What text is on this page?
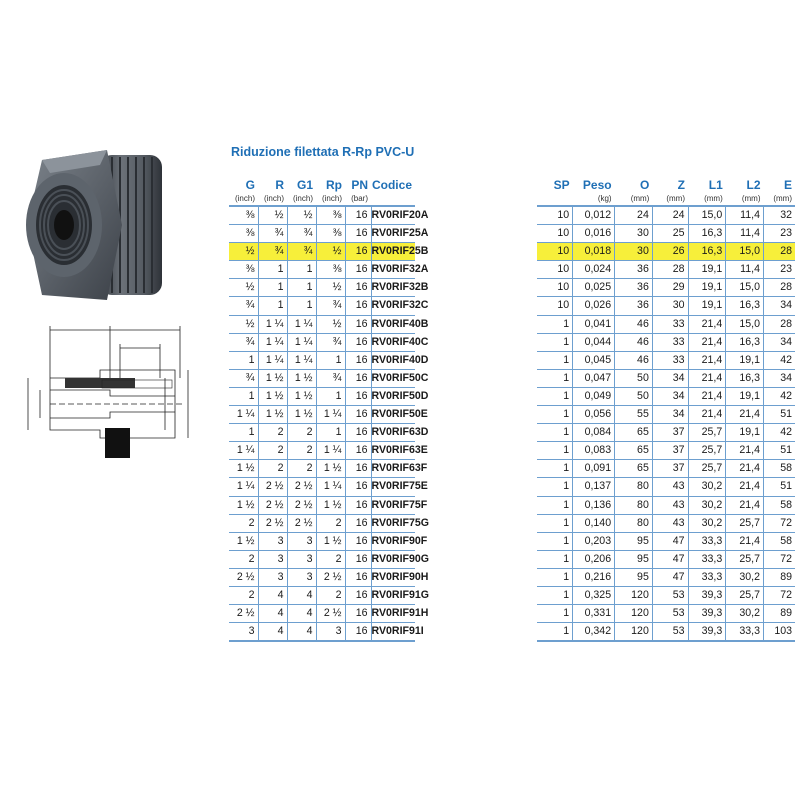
Riduzione filettata R-Rp PVC-U
G	R	G1	Rp	PN	Codice
(inch)	(inch)	(inch)	(inch)	(bar)	
⅜	½	½	⅜	16	RV0RIF20A
⅜	¾	¾	⅜	16	RV0RIF25A
½	¾	¾	½	16	RV0RIF25B
⅜	1	1	⅜	16	RV0RIF32A
½	1	1	½	16	RV0RIF32B
¾	1	1	¾	16	RV0RIF32C
½	1 ¼	1 ¼	½	16	RV0RIF40B
¾	1 ¼	1 ¼	¾	16	RV0RIF40C
1	1 ¼	1 ¼	1	16	RV0RIF40D
¾	1 ½	1 ½	¾	16	RV0RIF50C
1	1 ½	1 ½	1	16	RV0RIF50D
1 ¼	1 ½	1 ½	1 ¼	16	RV0RIF50E
1	2	2	1	16	RV0RIF63D
1 ¼	2	2	1 ¼	16	RV0RIF63E
1 ½	2	2	1 ½	16	RV0RIF63F
1 ¼	2 ½	2 ½	1 ¼	16	RV0RIF75E
1 ½	2 ½	2 ½	1 ½	16	RV0RIF75F
2	2 ½	2 ½	2	16	RV0RIF75G
1 ½	3	3	1 ½	16	RV0RIF90F
2	3	3	2	16	RV0RIF90G
2 ½	3	3	2 ½	16	RV0RIF90H
2	4	4	2	16	RV0RIF91G
2 ½	4	4	2 ½	16	RV0RIF91H
3	4	4	3	16	RV0RIF91I
SP	Peso	O	Z	L1	L2	E
	(kg)	(mm)	(mm)	(mm)	(mm)	(mm)
10	0,012	24	24	15,0	11,4	32
10	0,016	30	25	16,3	11,4	23
10	0,018	30	26	16,3	15,0	28
10	0,024	36	28	19,1	11,4	23
10	0,025	36	29	19,1	15,0	28
10	0,026	36	30	19,1	16,3	34
1	0,041	46	33	21,4	15,0	28
1	0,044	46	33	21,4	16,3	34
1	0,045	46	33	21,4	19,1	42
1	0,047	50	34	21,4	16,3	34
1	0,049	50	34	21,4	19,1	42
1	0,056	55	34	21,4	21,4	51
1	0,084	65	37	25,7	19,1	42
1	0,083	65	37	25,7	21,4	51
1	0,091	65	37	25,7	21,4	58
1	0,137	80	43	30,2	21,4	51
1	0,136	80	43	30,2	21,4	58
1	0,140	80	43	30,2	25,7	72
1	0,203	95	47	33,3	21,4	58
1	0,206	95	47	33,3	25,7	72
1	0,216	95	47	33,3	30,2	89
1	0,325	120	53	39,3	25,7	72
1	0,331	120	53	39,3	30,2	89
1	0,342	120	53	39,3	33,3	103
